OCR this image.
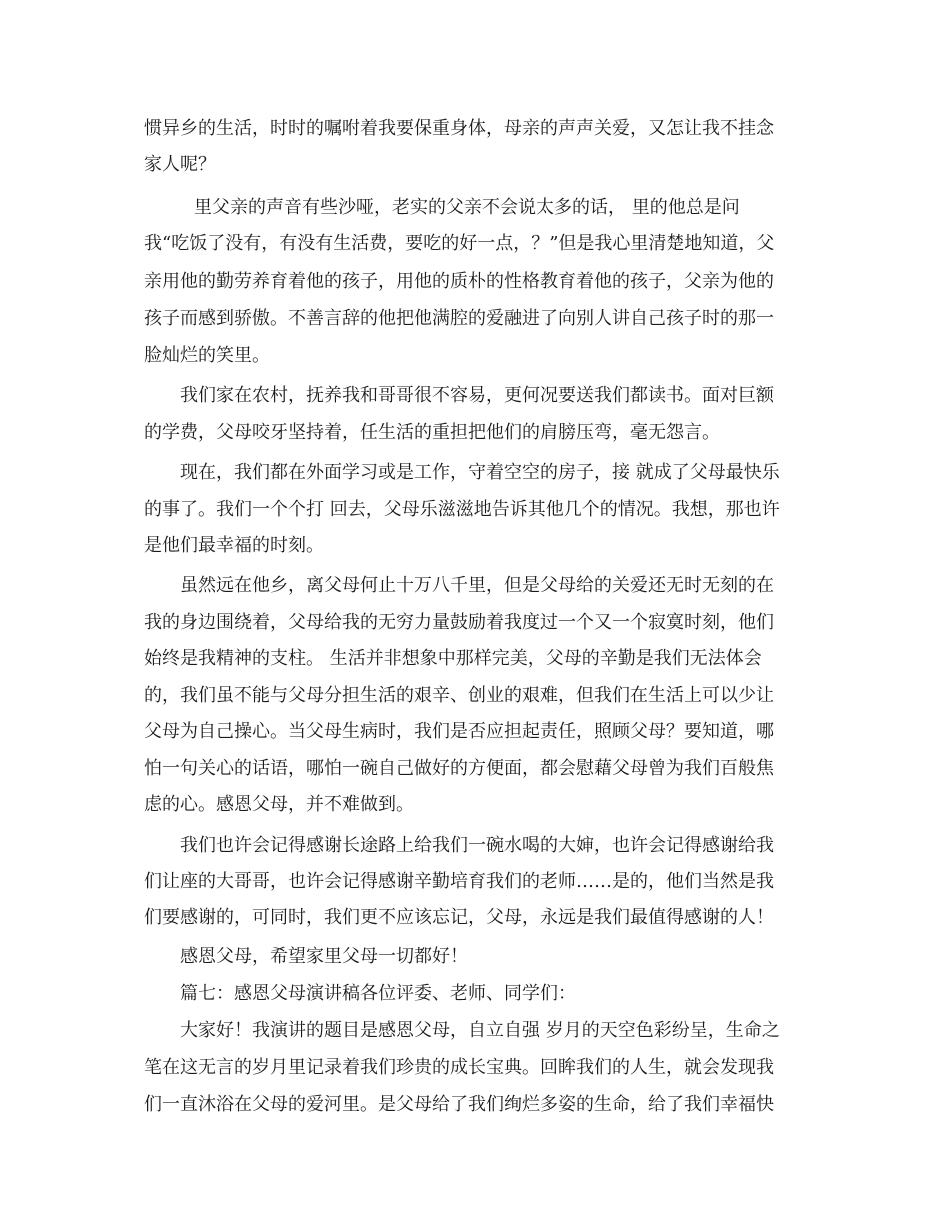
惯异乡的生活，时时的嘱咐着我要保重身体，母亲的声声关爱，又怎让我不挂念
家人呢？
里父亲的声音有些沙哑，老实的父亲不会说太多的话， 里的他总是问
我“吃饭了没有，有没有生活费，要吃的好一点，？”但是我心里清楚地知道，父
亲用他的勤劳养育着他的孩子，用他的质朴的性格教育着他的孩子，父亲为他的
孩子而感到骄傲。不善言辞的他把他满腔的爱融进了向别人讲自己孩子时的那一
脸灿烂的笑里。
我们家在农村，抚养我和哥哥很不容易，更何况要送我们都读书。面对巨额
的学费，父母咬牙坚持着，任生活的重担把他们的肩膀压弯，毫无怨言。
现在，我们都在外面学习或是工作，守着空空的房子，接 就成了父母最快乐
的事了。我们一个个打 回去，父母乐滋滋地告诉其他几个的情况。我想，那也许
是他们最幸福的时刻。
虽然远在他乡，离父母何止十万八千里，但是父母给的关爱还无时无刻的在
我的身边围绕着，父母给我的无穷力量鼓励着我度过一个又一个寂寞时刻，他们
始终是我精神的支柱。 生活并非想象中那样完美，父母的辛勤是我们无法体会
的，我们虽不能与父母分担生活的艰辛、创业的艰难，但我们在生活上可以少让
父母为自己操心。当父母生病时，我们是否应担起责任，照顾父母？要知道，哪
怕一句关心的话语，哪怕一碗自己做好的方便面，都会慰藉父母曾为我们百般焦
虑的心。感恩父母，并不难做到。
我们也许会记得感谢长途路上给我们一碗水喝的大婶，也许会记得感谢给我
们让座的大哥哥，也许会记得感谢辛勤培育我们的老师……是的，他们当然是我
们要感谢的，可同时，我们更不应该忘记，父母，永远是我们最值得感谢的人！
感恩父母，希望家里父母一切都好！
篇七：感恩父母演讲稿各位评委、老师、同学们：
大家好！我演讲的题目是感恩父母，自立自强 岁月的天空色彩纷呈，生命之
笔在这无言的岁月里记录着我们珍贵的成长宝典。回眸我们的人生，就会发现我
们一直沐浴在父母的爱河里。是父母给了我们绚烂多姿的生命，给了我们幸福快
